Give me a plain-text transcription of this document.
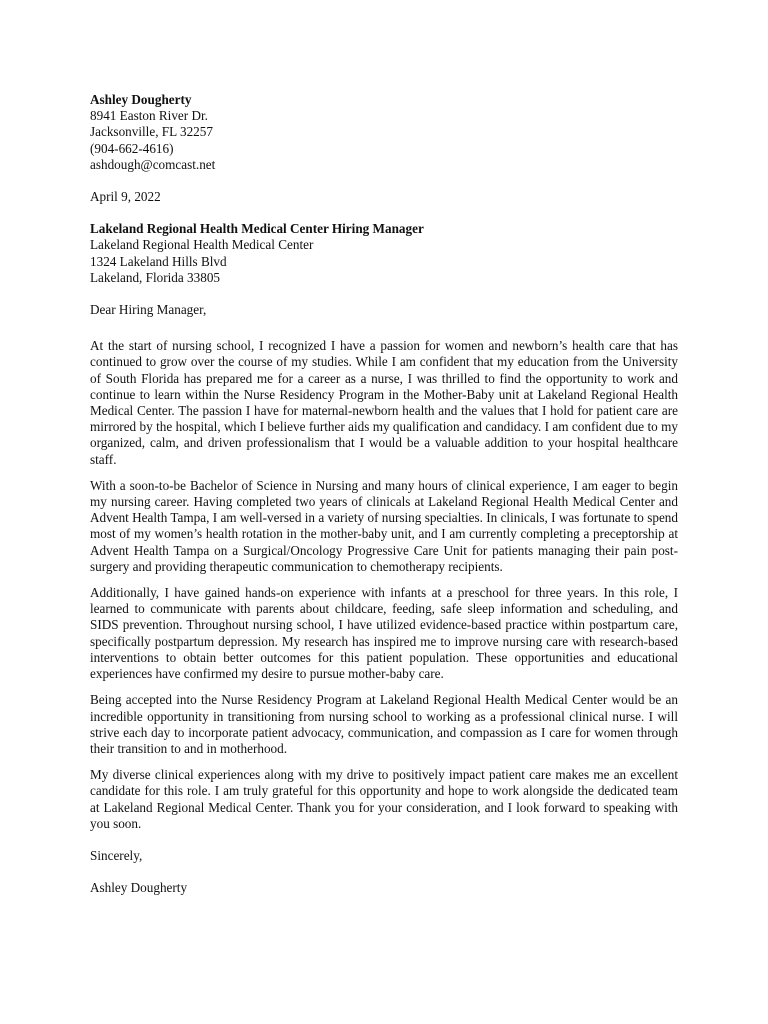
Ashley Dougherty
8941 Easton River Dr.
Jacksonville, FL 32257
(904-662-4616)
ashdough@comcast.net
April 9, 2022
Lakeland Regional Health Medical Center Hiring Manager
Lakeland Regional Health Medical Center
1324 Lakeland Hills Blvd
Lakeland, Florida 33805
Dear Hiring Manager,

At the start of nursing school, I recognized I have a passion for women and newborn’s health care that has continued to grow over the course of my studies. While I am confident that my education from the University of South Florida has prepared me for a career as a nurse, I was thrilled to find the opportunity to work and continue to learn within the Nurse Residency Program in the Mother-Baby unit at Lakeland Regional Health Medical Center. The passion I have for maternal-newborn health and the values that I hold for patient care are mirrored by the hospital, which I believe further aids my qualification and candidacy. I am confident due to my organized, calm, and driven professionalism that I would be a valuable addition to your hospital healthcare staff.

With a soon-to-be Bachelor of Science in Nursing and many hours of clinical experience, I am eager to begin my nursing career. Having completed two years of clinicals at Lakeland Regional Health Medical Center and Advent Health Tampa, I am well-versed in a variety of nursing specialties. In clinicals, I was fortunate to spend most of my women’s health rotation in the mother-baby unit, and I am currently completing a preceptorship at Advent Health Tampa on a Surgical/Oncology Progressive Care Unit for patients managing their pain post-surgery and providing therapeutic communication to chemotherapy recipients.

Additionally, I have gained hands-on experience with infants at a preschool for three years. In this role, I learned to communicate with parents about childcare, feeding, safe sleep information and scheduling, and SIDS prevention. Throughout nursing school, I have utilized evidence-based practice within postpartum care, specifically postpartum depression. My research has inspired me to improve nursing care with research-based interventions to obtain better outcomes for this patient population. These opportunities and educational experiences have confirmed my desire to pursue mother-baby care.

Being accepted into the Nurse Residency Program at Lakeland Regional Health Medical Center would be an incredible opportunity in transitioning from nursing school to working as a professional clinical nurse. I will strive each day to incorporate patient advocacy, communication, and compassion as I care for women through their transition to and in motherhood.

My diverse clinical experiences along with my drive to positively impact patient care makes me an excellent candidate for this role. I am truly grateful for this opportunity and hope to work alongside the dedicated team at Lakeland Regional Medical Center. Thank you for your consideration, and I look forward to speaking with you soon.

Sincerely,
Ashley Dougherty
